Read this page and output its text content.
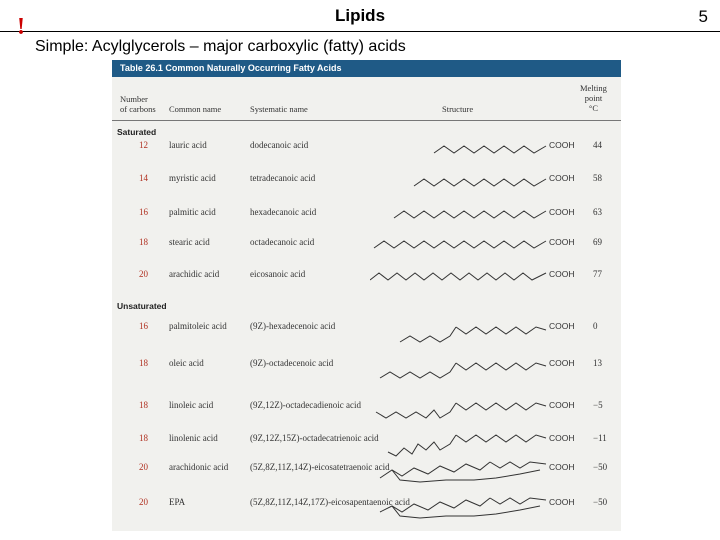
Lipids	5
!
Simple: Acylglycerols – major carboxylic (fatty) acids
Table 26.1 Common Naturally Occurring Fatty Acids
Number
of carbons Common name	Systematic name	Structure
Melting
point
°C
Saturated
12 lauric acid	dodecanoic acid	COOH 44
14 myristic acid	tetradecanoic acid	COOH 58
16 palmitic acid	hexadecanoic acid	COOH 63
18 stearic acid	octadecanoic acid	COOH 69
20 arachidic acid	eicosanoic acid	COOH 77
Unsaturated
16 palmitoleic acid	(9Z)-hexadecenoic acid	COOH 0
18 oleic acid	(9Z)-octadecenoic acid	COOH 13
18 linoleic acid	(9Z,12Z)-octadecadienoic acid	COOH −5
18 linolenic acid	(9Z,12Z,15Z)-octadecatrienoic acid	COOH −11
20 arachidonic acid (5Z,8Z,11Z,14Z)-eicosatetraenoic acid	COOH −50
20 EPA	(5Z,8Z,11Z,14Z,17Z)-eicosapentaenoic acid	COOH −50
